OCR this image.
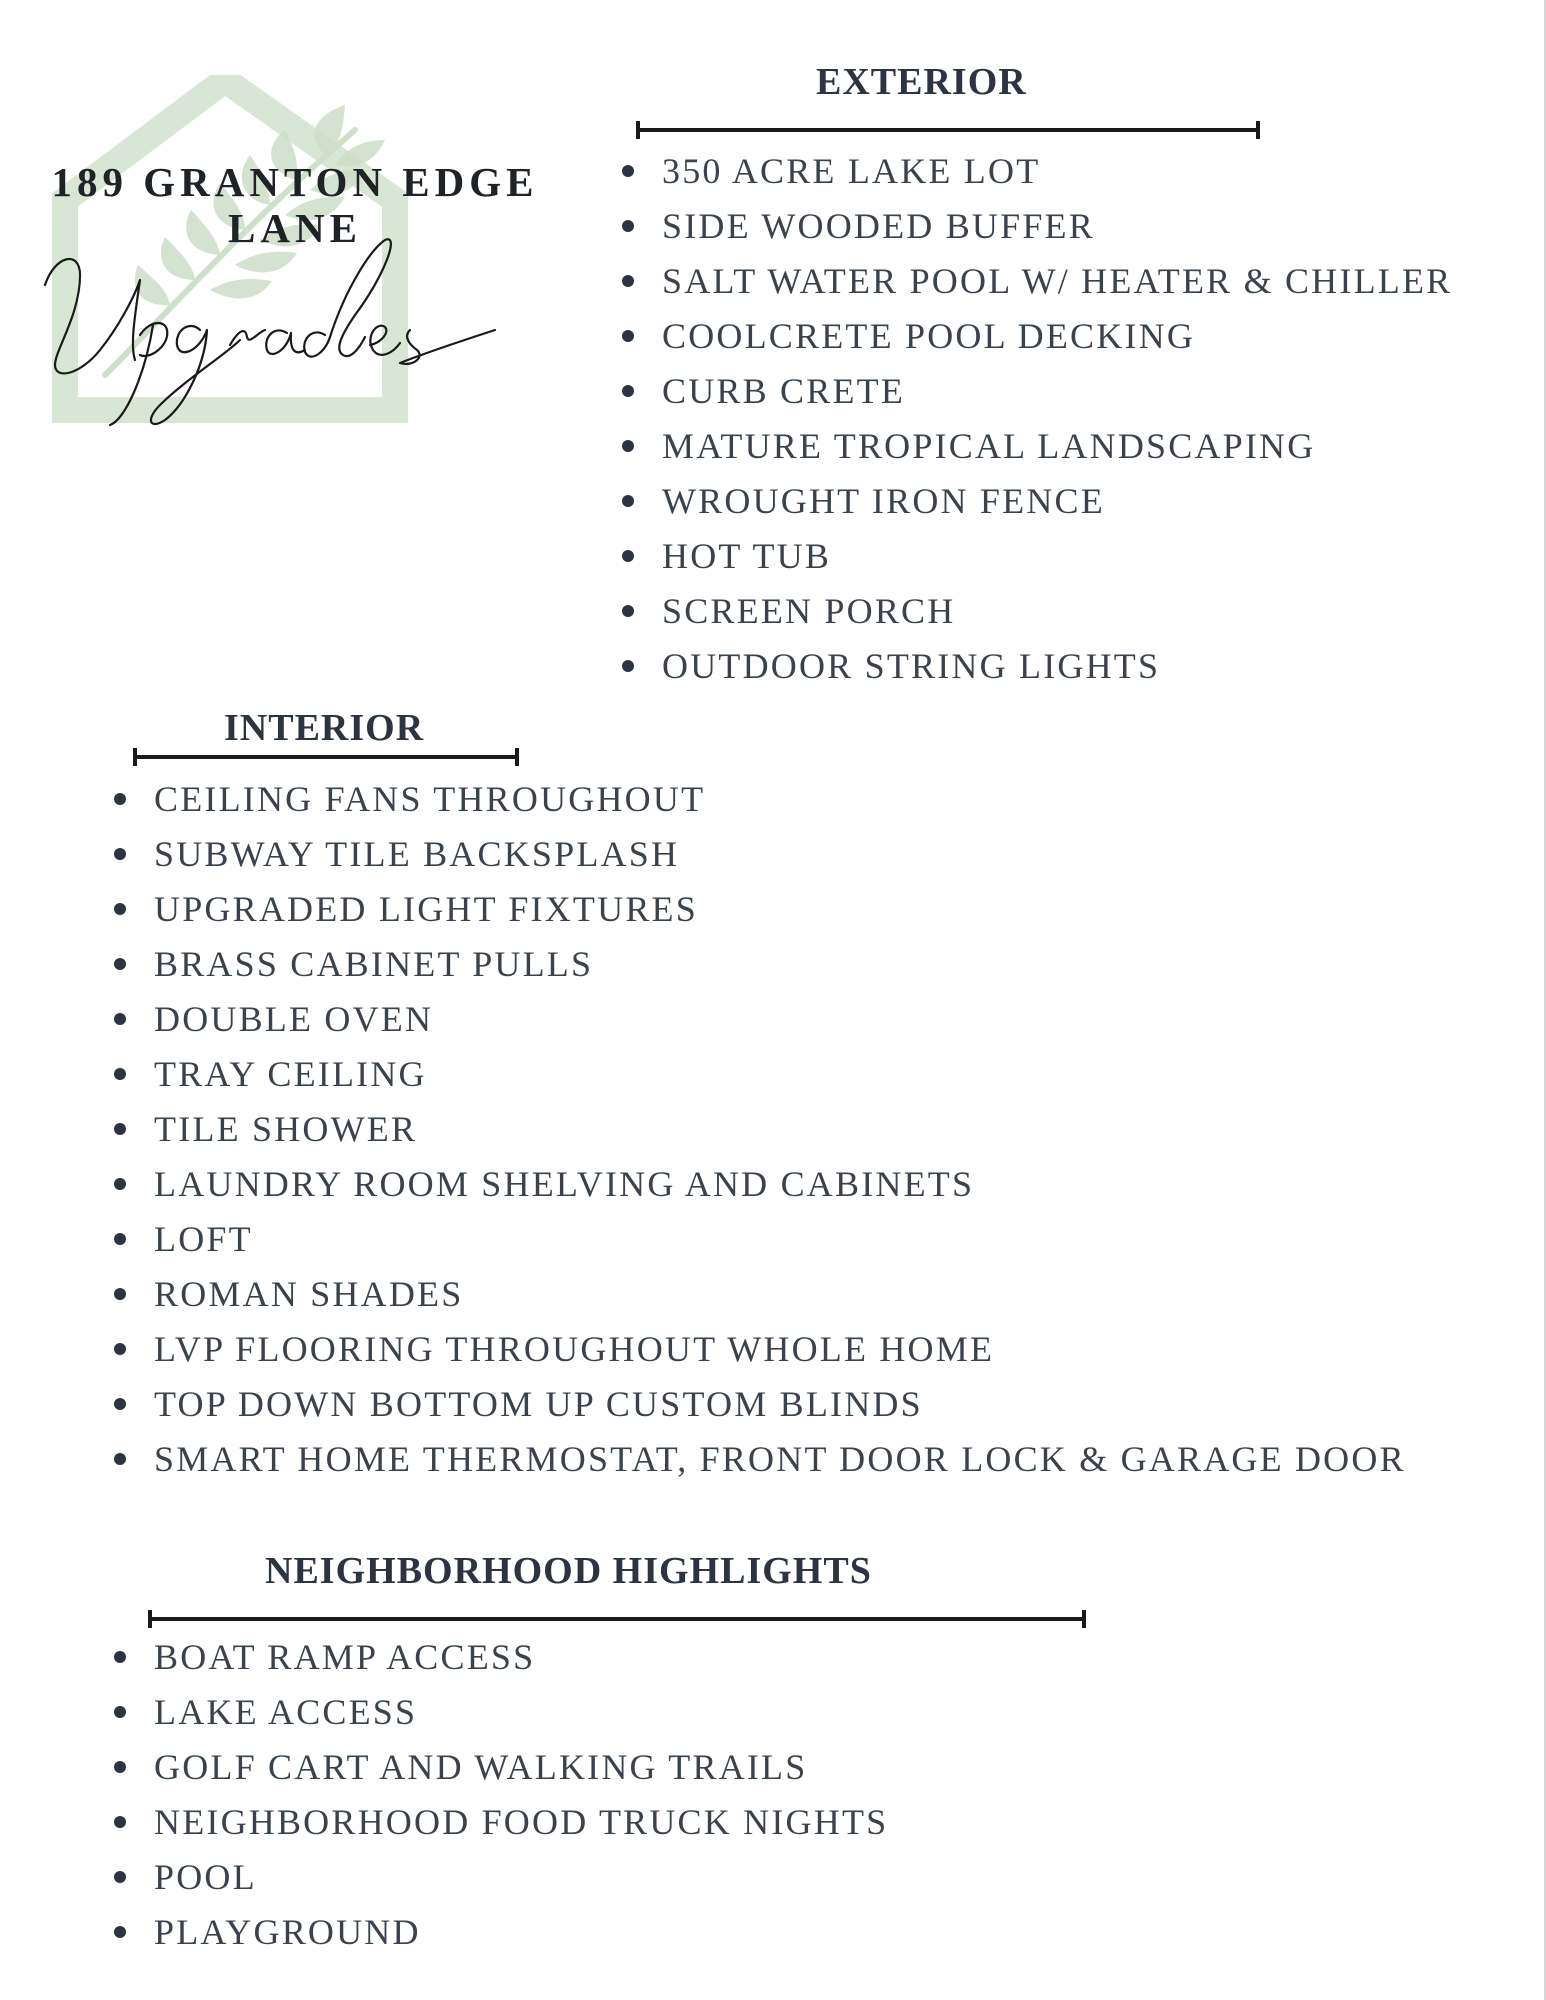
189 GRANTON EDGE LANE
EXTERIOR
350 ACRE LAKE LOT
SIDE WOODED BUFFER
SALT WATER POOL W/ HEATER & CHILLER
COOLCRETE POOL DECKING
CURB CRETE
MATURE TROPICAL LANDSCAPING
WROUGHT IRON FENCE
HOT TUB
SCREEN PORCH
OUTDOOR STRING LIGHTS
INTERIOR
CEILING FANS THROUGHOUT
SUBWAY TILE BACKSPLASH
UPGRADED LIGHT FIXTURES
BRASS CABINET PULLS
DOUBLE OVEN
TRAY CEILING
TILE SHOWER
LAUNDRY ROOM SHELVING AND CABINETS
LOFT
ROMAN SHADES
LVP FLOORING THROUGHOUT WHOLE HOME
TOP DOWN BOTTOM UP CUSTOM BLINDS
SMART HOME THERMOSTAT, FRONT DOOR LOCK & GARAGE DOOR
NEIGHBORHOOD HIGHLIGHTS
BOAT RAMP ACCESS
LAKE ACCESS
GOLF CART AND WALKING TRAILS
NEIGHBORHOOD FOOD TRUCK NIGHTS
POOL
PLAYGROUND
